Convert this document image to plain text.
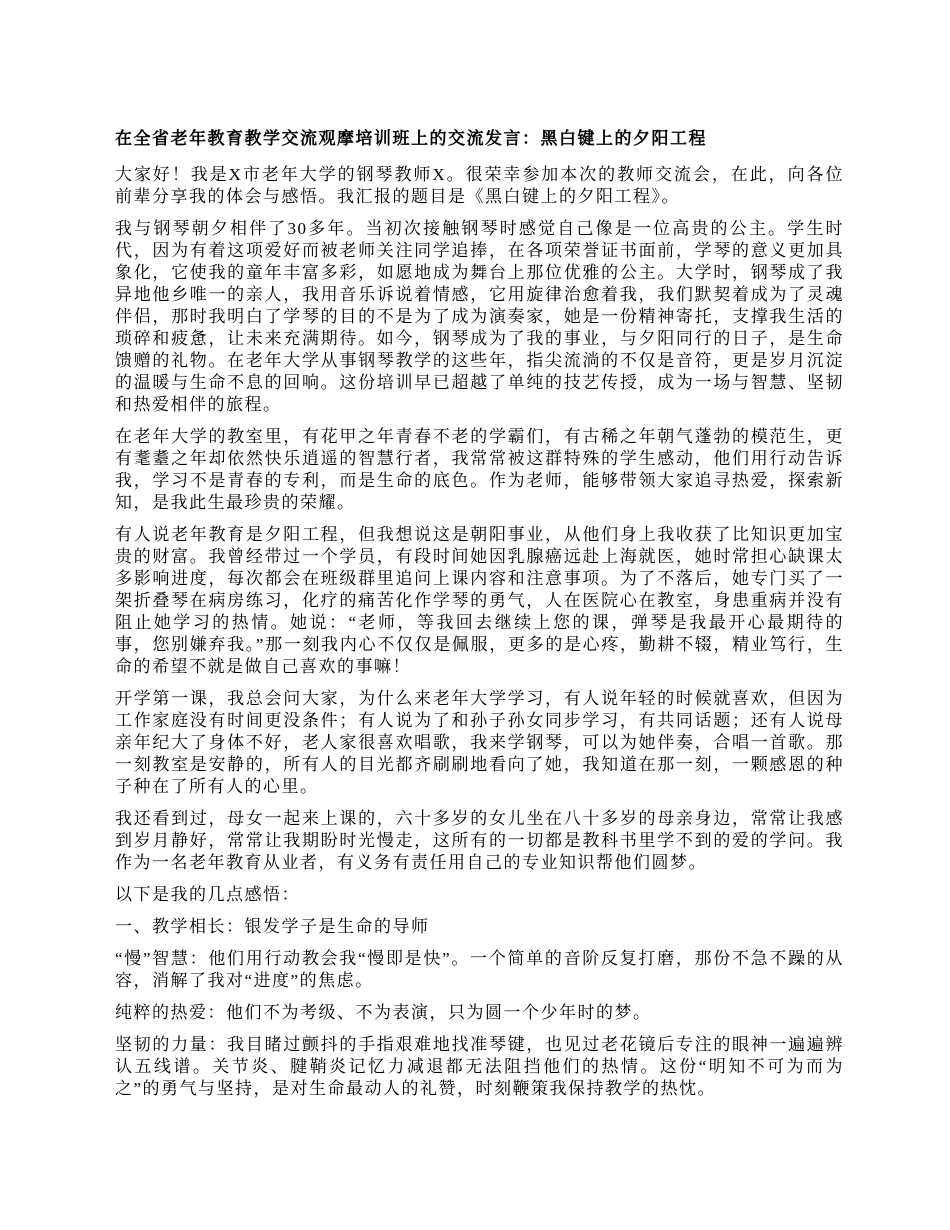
在全省老年教育教学交流观摩培训班上的交流发言：黑白键上的夕阳工程

大家好！我是X市老年大学的钢琴教师X。很荣幸参加本次的教师交流会，在此，向各位前辈分享我的体会与感悟。我汇报的题目是《黑白键上的夕阳工程》。

我与钢琴朝夕相伴了30多年。当初次接触钢琴时感觉自己像是一位高贵的公主。学生时代，因为有着这项爱好而被老师关注同学追捧，在各项荣誉证书面前，学琴的意义更加具象化，它使我的童年丰富多彩，如愿地成为舞台上那位优雅的公主。大学时，钢琴成了我异地他乡唯一的亲人，我用音乐诉说着情感，它用旋律治愈着我，我们默契着成为了灵魂伴侣，那时我明白了学琴的目的不是为了成为演奏家，她是一份精神寄托，支撑我生活的琐碎和疲惫，让未来充满期待。如今，钢琴成为了我的事业，与夕阳同行的日子，是生命馈赠的礼物。在老年大学从事钢琴教学的这些年，指尖流淌的不仅是音符，更是岁月沉淀的温暖与生命不息的回响。这份培训早已超越了单纯的技艺传授，成为一场与智慧、坚韧和热爱相伴的旅程。

在老年大学的教室里，有花甲之年青春不老的学霸们，有古稀之年朝气蓬勃的模范生，更有耄耋之年却依然快乐逍遥的智慧行者，我常常被这群特殊的学生感动，他们用行动告诉我，学习不是青春的专利，而是生命的底色。作为老师，能够带领大家追寻热爱，探索新知，是我此生最珍贵的荣耀。

有人说老年教育是夕阳工程，但我想说这是朝阳事业，从他们身上我收获了比知识更加宝贵的财富。我曾经带过一个学员，有段时间她因乳腺癌远赴上海就医，她时常担心缺课太多影响进度，每次都会在班级群里追问上课内容和注意事项。为了不落后，她专门买了一架折叠琴在病房练习，化疗的痛苦化作学琴的勇气，人在医院心在教室，身患重病并没有阻止她学习的热情。她说：“老师，等我回去继续上您的课，弹琴是我最开心最期待的事，您别嫌弃我。”那一刻我内心不仅仅是佩服，更多的是心疼，勤耕不辍，精业笃行，生命的希望不就是做自己喜欢的事嘛！

开学第一课，我总会问大家，为什么来老年大学学习，有人说年轻的时候就喜欢，但因为工作家庭没有时间更没条件；有人说为了和孙子孙女同步学习，有共同话题；还有人说母亲年纪大了身体不好，老人家很喜欢唱歌，我来学钢琴，可以为她伴奏，合唱一首歌。那一刻教室是安静的，所有人的目光都齐刷刷地看向了她，我知道在那一刻，一颗感恩的种子种在了所有人的心里。

我还看到过，母女一起来上课的，六十多岁的女儿坐在八十多岁的母亲身边，常常让我感到岁月静好，常常让我期盼时光慢走，这所有的一切都是教科书里学不到的爱的学问。我作为一名老年教育从业者，有义务有责任用自己的专业知识帮他们圆梦。

以下是我的几点感悟：

一、教学相长：银发学子是生命的导师

“慢”智慧：他们用行动教会我“慢即是快”。一个简单的音阶反复打磨，那份不急不躁的从容，消解了我对“进度”的焦虑。

纯粹的热爱：他们不为考级、不为表演，只为圆一个少年时的梦。

坚韧的力量：我目睹过颤抖的手指艰难地找准琴键，也见过老花镜后专注的眼神一遍遍辨认五线谱。关节炎、腱鞘炎记忆力减退都无法阻挡他们的热情。这份“明知不可为而为之”的勇气与坚持，是对生命最动人的礼赞，时刻鞭策我保持教学的热忱。
